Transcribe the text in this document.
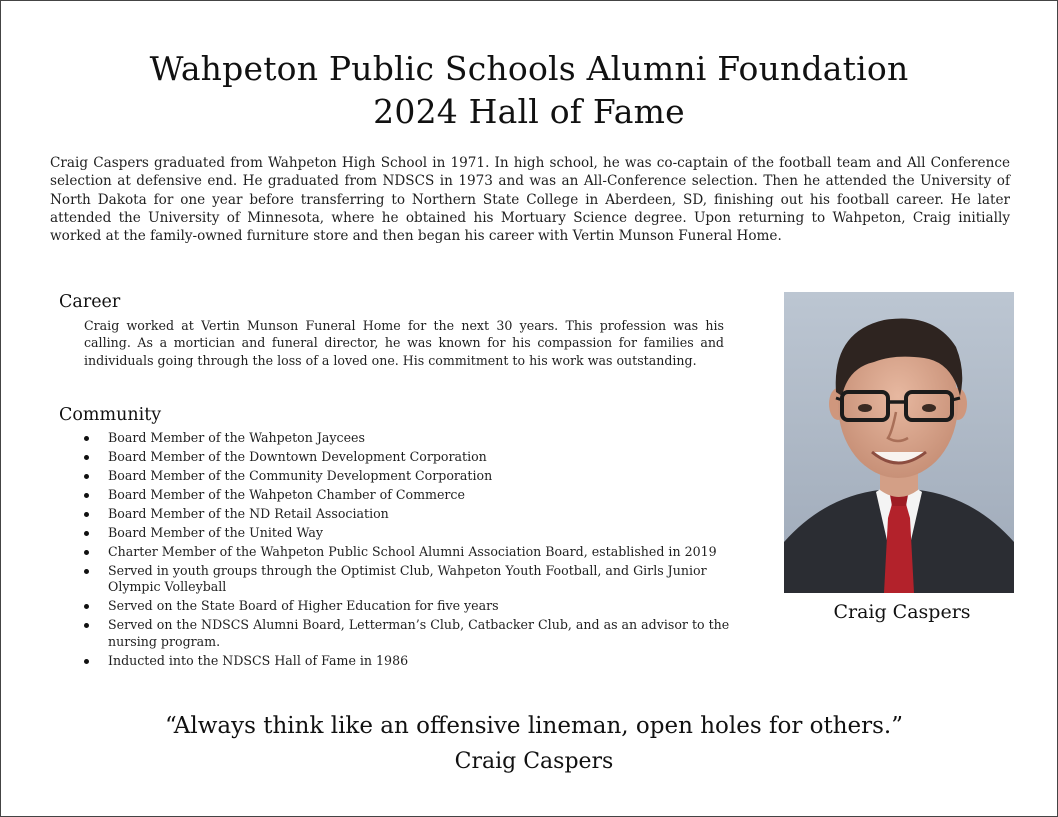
Wahpeton Public Schools Alumni Foundation
2024 Hall of Fame
Craig Caspers graduated from Wahpeton High School in 1971. In high school, he was co-captain of the football team and All Conference selection at defensive end. He graduated from NDSCS in 1973 and was an All-Conference selection. Then he attended the University of North Dakota for one year before transferring to Northern State College in Aberdeen, SD, finishing out his football career. He later attended the University of Minnesota, where he obtained his Mortuary Science degree. Upon returning to Wahpeton, Craig initially worked at the family-owned furniture store and then began his career with Vertin Munson Funeral Home.
Career
Craig worked at Vertin Munson Funeral Home for the next 30 years. This profession was his calling. As a mortician and funeral director, he was known for his compassion for families and individuals going through the loss of a loved one. His commitment to his work was outstanding.
Community
Board Member of the Wahpeton Jaycees
Board Member of the Downtown Development Corporation
Board Member of the Community Development Corporation
Board Member of the Wahpeton Chamber of Commerce
Board Member of the ND Retail Association
Board Member of the United Way
Charter Member of the Wahpeton Public School Alumni Association Board, established in 2019
Served in youth groups through the Optimist Club, Wahpeton Youth Football, and Girls Junior Olympic Volleyball
Served on the State Board of Higher Education for five years
Served on the NDSCS Alumni Board, Letterman’s Club, Catbacker Club, and as an advisor to the nursing program.
Inducted into the NDSCS Hall of Fame in 1986
Craig Caspers
“Always think like an offensive lineman, open holes for others.”
Craig Caspers
